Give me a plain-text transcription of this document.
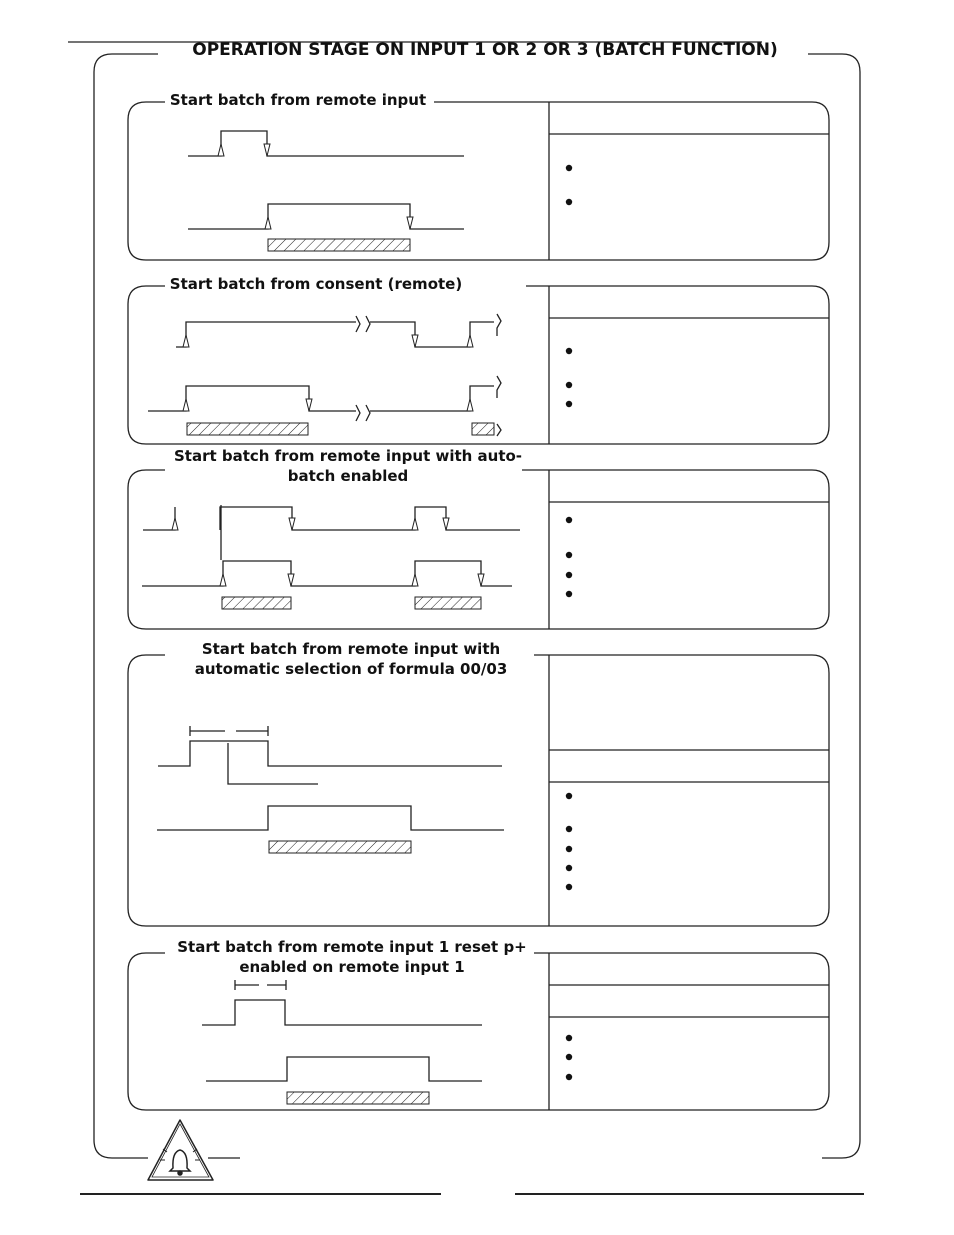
OPERATION STAGE ON INPUT 1 OR 2 OR 3 (BATCH FUNCTION)
Start batch from remote input
Start batch from consent (remote)
Start batch from remote input with auto-batch enabled
Start batch from remote input with automatic selection of formula 00/03
Start batch from remote input 1 reset p+ enabled on remote input 1
